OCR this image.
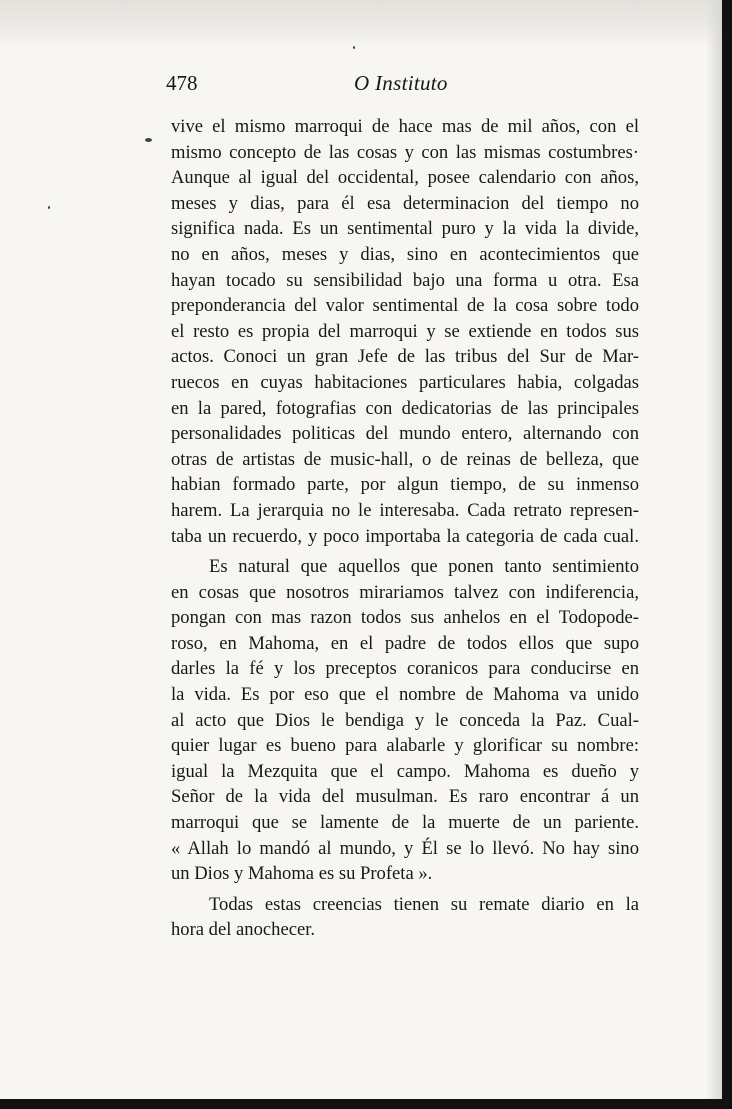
478	O Instituto
vive el mismo marroqui de hace mas de mil años, con el
mismo concepto de las cosas y con las mismas costumbres·
Aunque al igual del occidental, posee calendario con años,
meses y dias, para él esa determinacion del tiempo no
significa nada. Es un sentimental puro y la vida la divide,
no en años, meses y dias, sino en acontecimientos que
hayan tocado su sensibilidad bajo una forma u otra. Esa
preponderancia del valor sentimental de la cosa sobre todo
el resto es propia del marroqui y se extiende en todos sus
actos. Conoci un gran Jefe de las tribus del Sur de Mar-
ruecos en cuyas habitaciones particulares habia, colgadas
en la pared, fotografias con dedicatorias de las principales
personalidades politicas del mundo entero, alternando con
otras de artistas de music-hall, o de reinas de belleza, que
habian formado parte, por algun tiempo, de su inmenso
harem. La jerarquia no le interesaba. Cada retrato represen-
taba un recuerdo, y poco importaba la categoria de cada cual.
Es natural que aquellos que ponen tanto sentimiento
en cosas que nosotros mirariamos talvez con indiferencia,
pongan con mas razon todos sus anhelos en el Todopode-
roso, en Mahoma, en el padre de todos ellos que supo
darles la fé y los preceptos coranicos para conducirse en
la vida. Es por eso que el nombre de Mahoma va unido
al acto que Dios le bendiga y le conceda la Paz. Cual-
quier lugar es bueno para alabarle y glorificar su nombre:
igual la Mezquita que el campo. Mahoma es dueño y
Señor de la vida del musulman. Es raro encontrar á un
marroqui que se lamente de la muerte de un pariente.
« Allah lo mandó al mundo, y Él se lo llevó. No hay sino
un Dios y Mahoma es su Profeta ».
Todas estas creencias tienen su remate diario en la
hora del anochecer.
